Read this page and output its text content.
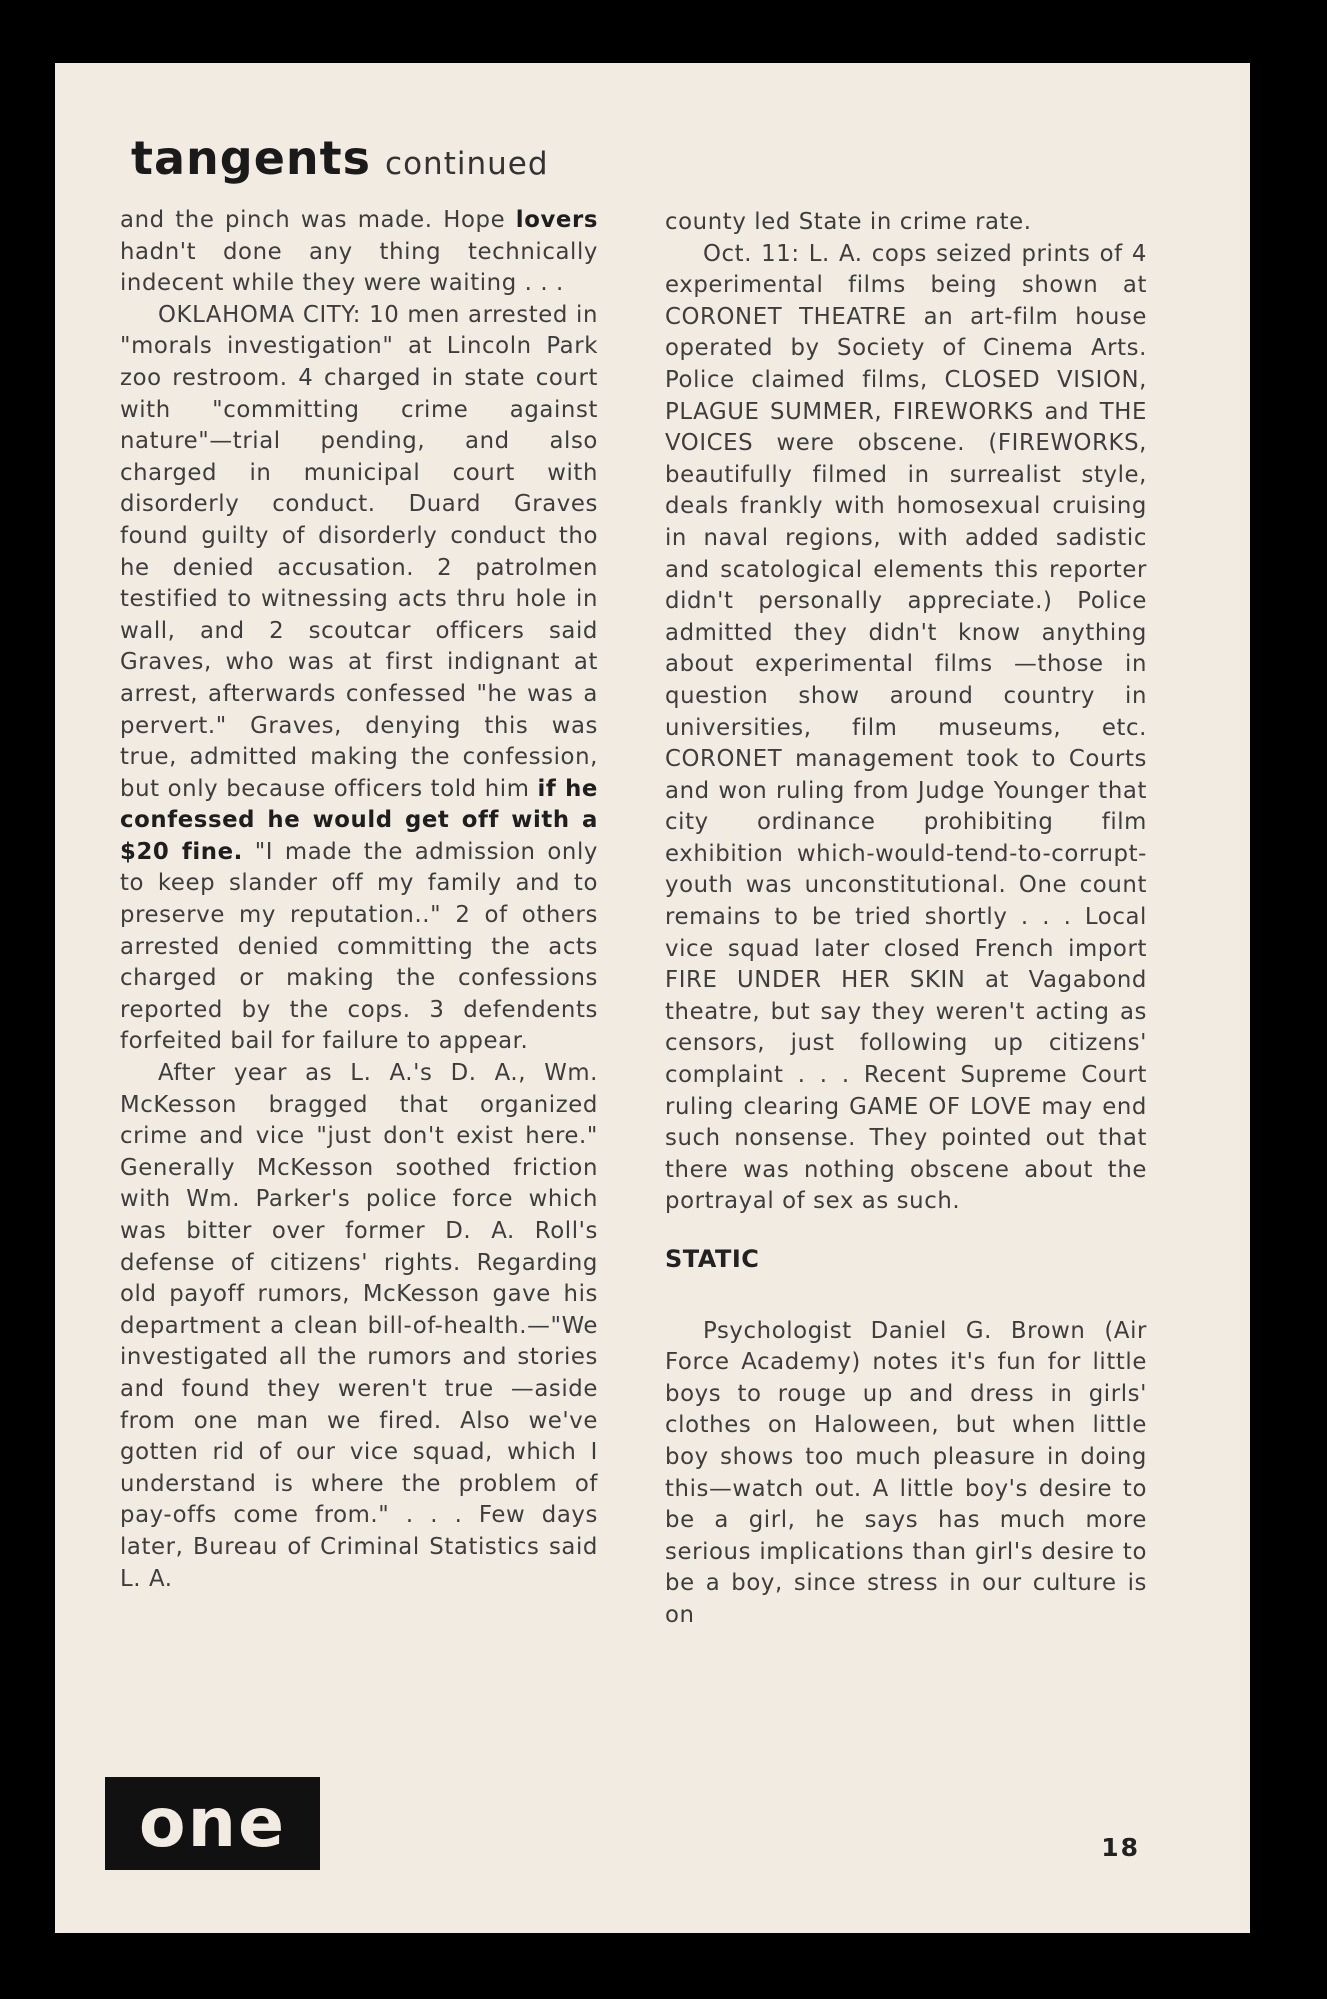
tangents continued

and the pinch was made. Hope lovers hadn't done any thing technically indecent while they were waiting . . .

OKLAHOMA CITY: 10 men arrested in "morals investigation" at Lincoln Park zoo restroom. 4 charged in state court with "committing crime against nature"—trial pending, and also charged in municipal court with disorderly conduct. Duard Graves found guilty of disorderly conduct tho he denied accusation. 2 patrolmen testified to witnessing acts thru hole in wall, and 2 scoutcar officers said Graves, who was at first indignant at arrest, afterwards confessed "he was a pervert." Graves, denying this was true, admitted making the confession, but only because officers told him if he confessed he would get off with a $20 fine. "I made the admission only to keep slander off my family and to preserve my reputation.." 2 of others arrested denied committing the acts charged or making the confessions reported by the cops. 3 defendents forfeited bail for failure to appear.

After year as L. A.'s D. A., Wm. McKesson bragged that organized crime and vice "just don't exist here." Generally McKesson soothed friction with Wm. Parker's police force which was bitter over former D. A. Roll's defense of citizens' rights. Regarding old payoff rumors, McKesson gave his department a clean bill-of-health.—"We investigated all the rumors and stories and found they weren't true —aside from one man we fired. Also we've gotten rid of our vice squad, which I understand is where the problem of pay-offs come from." . . . Few days later, Bureau of Criminal Statistics said L. A.

county led State in crime rate.

Oct. 11: L. A. cops seized prints of 4 experimental films being shown at CORONET THEATRE an art-film house operated by Society of Cinema Arts. Police claimed films, CLOSED VISION, PLAGUE SUMMER, FIREWORKS and THE VOICES were obscene. (FIREWORKS, beautifully filmed in surrealist style, deals frankly with homosexual cruising in naval regions, with added sadistic and scatological elements this reporter didn't personally appreciate.) Police admitted they didn't know anything about experimental films —those in question show around country in universities, film museums, etc. CORONET management took to Courts and won ruling from Judge Younger that city ordinance prohibiting film exhibition which-would-tend-to-corrupt-youth was unconstitutional. One count remains to be tried shortly . . . Local vice squad later closed French import FIRE UNDER HER SKIN at Vagabond theatre, but say they weren't acting as censors, just following up citizens' complaint . . . Recent Supreme Court ruling clearing GAME OF LOVE may end such nonsense. They pointed out that there was nothing obscene about the portrayal of sex as such.

STATIC

Psychologist Daniel G. Brown (Air Force Academy) notes it's fun for little boys to rouge up and dress in girls' clothes on Haloween, but when little boy shows too much pleasure in doing this—watch out. A little boy's desire to be a girl, he says has much more serious implications than girl's desire to be a boy, since stress in our culture is on

one	18
